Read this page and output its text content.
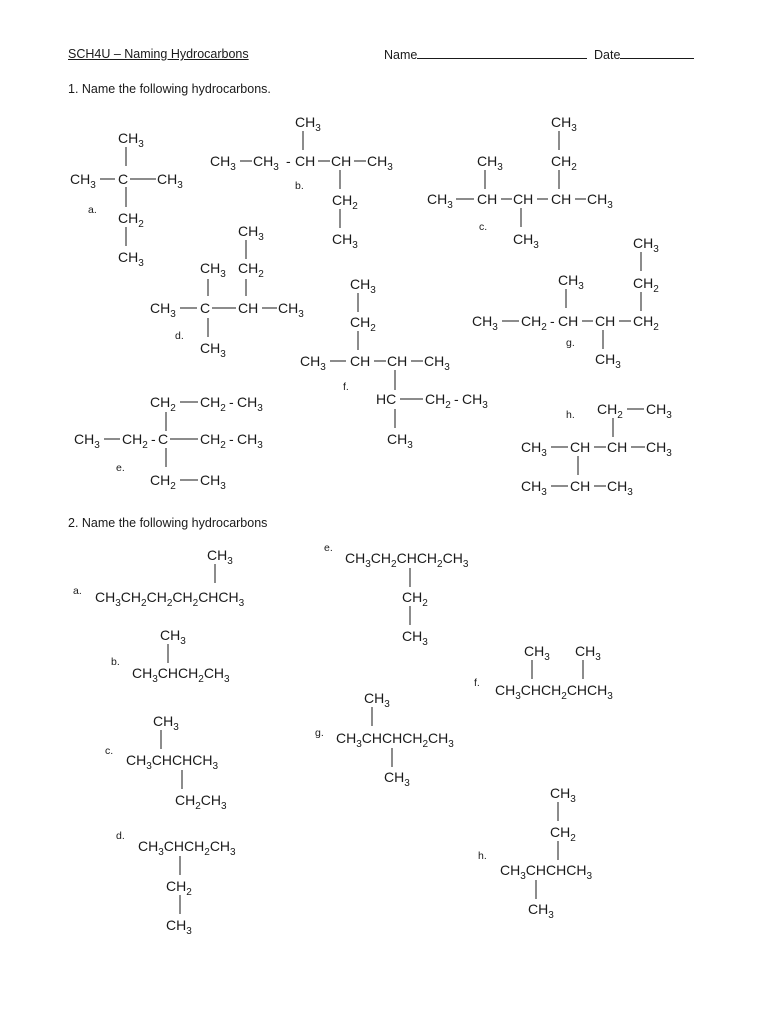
SCH4U – Naming Hydrocarbons	Name	Date
1. Name the following hydrocarbons.
2. Name the following hydrocarbons
a.
b.
c.
d.
e.
f.
g.
h.
a.
b.
c.
d.
e.
f.
g.
h.
$CH_3$
$CH_3$ C $CH_3$
$CH_2$
$CH_3$
$CH_3$
$CH_3$ $CH_3$ - CH CH $CH_3$
$CH_2$
$CH_3$
$CH_3$
$CH_2$
$CH_3$
$CH_3$ CH CH CH $CH_3$
$CH_3$
$CH_3$
$CH_3$ $CH_2$
$CH_3$ C CH $CH_3$
$CH_3$
$CH_2$ $CH_2 - CH_3$
$CH_3$ $CH_2$ - C $CH_2 - CH_3$
$CH_2$ $CH_3$
$CH_3$
$CH_2$
$CH_3$ CH CH $CH_3$
HC $CH_2 - CH_3$
$CH_3$
$CH_3$
$CH_2$
$CH_3$
$CH_3$ $CH_2$ - CH CH $CH_2$
$CH_3$
$CH_2$ $CH_3$
$CH_3$ CH CH $CH_3$
$CH_3$ CH $CH_3$
$CH_3$
$CH_3CH_2CH_2CH_2CHCH_3$
$CH_3$
$CH_3CHCH_2CH_3$
$CH_3$
$CH_3CHCHCH_3$
$CH_2CH_3$
$CH_3CHCH_2CH_3$
$CH_2$
$CH_3$
$CH_3CH_2CHCH_2CH_3$
$CH_2$
$CH_3$
$CH_3$ $CH_3$
$CH_3CHCH_2CHCH_3$
$CH_3$
$CH_3CHCHCH_2CH_3$
$CH_3$
$CH_3$
$CH_2$
$CH_3CHCHCH_3$
$CH_3$
